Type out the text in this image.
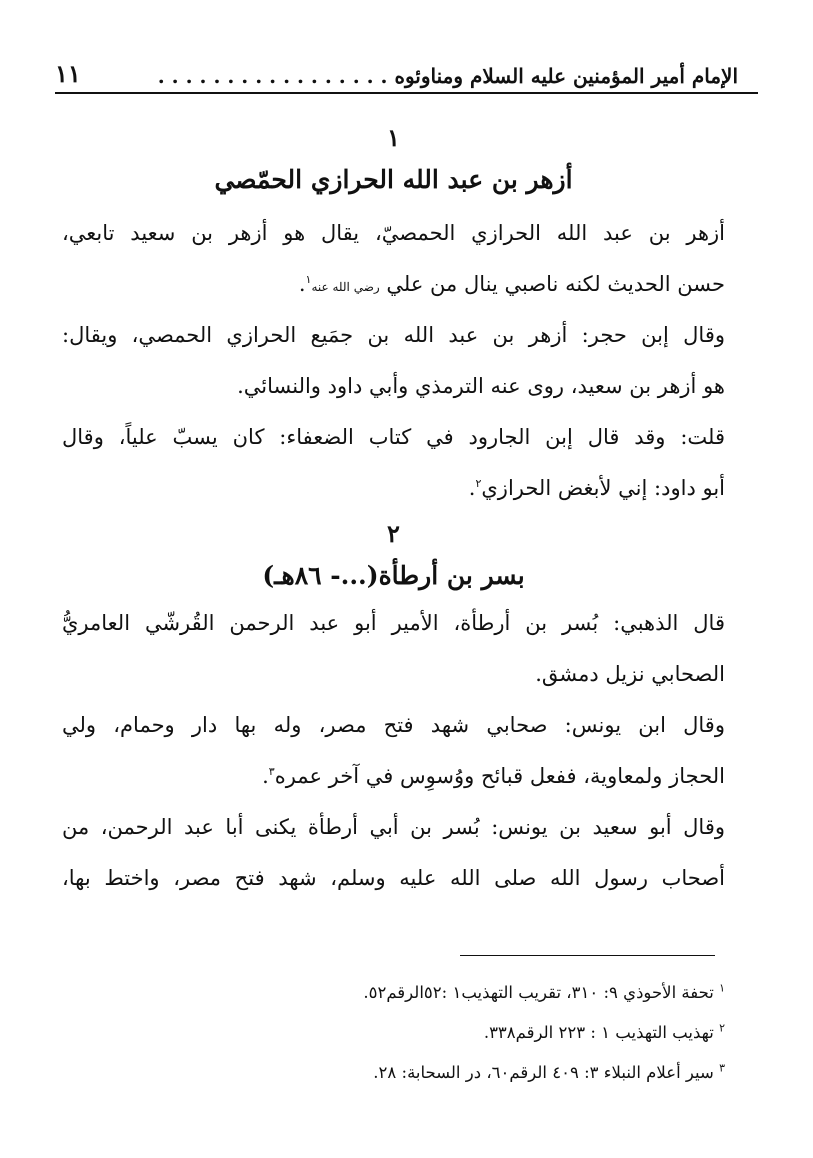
الإمام أمير المؤمنين عليه السلام ومناوئوه . . . . . . . . . . . . . . . . .
١١
١
أزهر بن عبد الله الحرازي الحمّصي
أزهر بن عبد الله الحرازي الحمصيّ، يقال هو أزهر بن سعيد تابعي،
حسن الحديث لكنه ناصبي ينال من علي رضي الله عنه$^١$.
وقال إبن حجر: أزهر بن عبد الله بن جمَيع الحرازي الحمصي، ويقال:
هو أزهر بن سعيد، روى عنه الترمذي وأبي داود والنسائي.
قلت: وقد قال إبن الجارود في كتاب الضعفاء: كان يسبّ علياً، وقال
أبو داود: إني لأبغض الحرازي$^٢$.
٢
بسر بن أرطأة(...- ٨٦هـ)
قال الذهبي: بُسر بن أرطأة، الأمير أبو عبد الرحمن القُرشّي العامريُّ
الصحابي نزيل دمشق.
وقال ابن يونس: صحابي شهد فتح مصر، وله بها دار وحمام، ولي
الحجاز ولمعاوية، ففعل قبائح ووُسوِس في آخر عمره$^٣$.
وقال أبو سعيد بن يونس: بُسر بن أبي أرطأة يكنى أبا عبد الرحمن، من
أصحاب رسول الله صلى الله عليه وسلم، شهد فتح مصر، واختط بها،
$^١$ تحفة الأحوذي ٩: ٣١٠، تقريب التهذيب١ :٥٢الرقم٥٢.
$^٢$ تهذيب التهذيب ١ : ٢٢٣ الرقم٣٣٨.
$^٣$ سير أعلام النبلاء ٣: ٤٠٩ الرقم٦٠، در السحابة: ٢٨.
